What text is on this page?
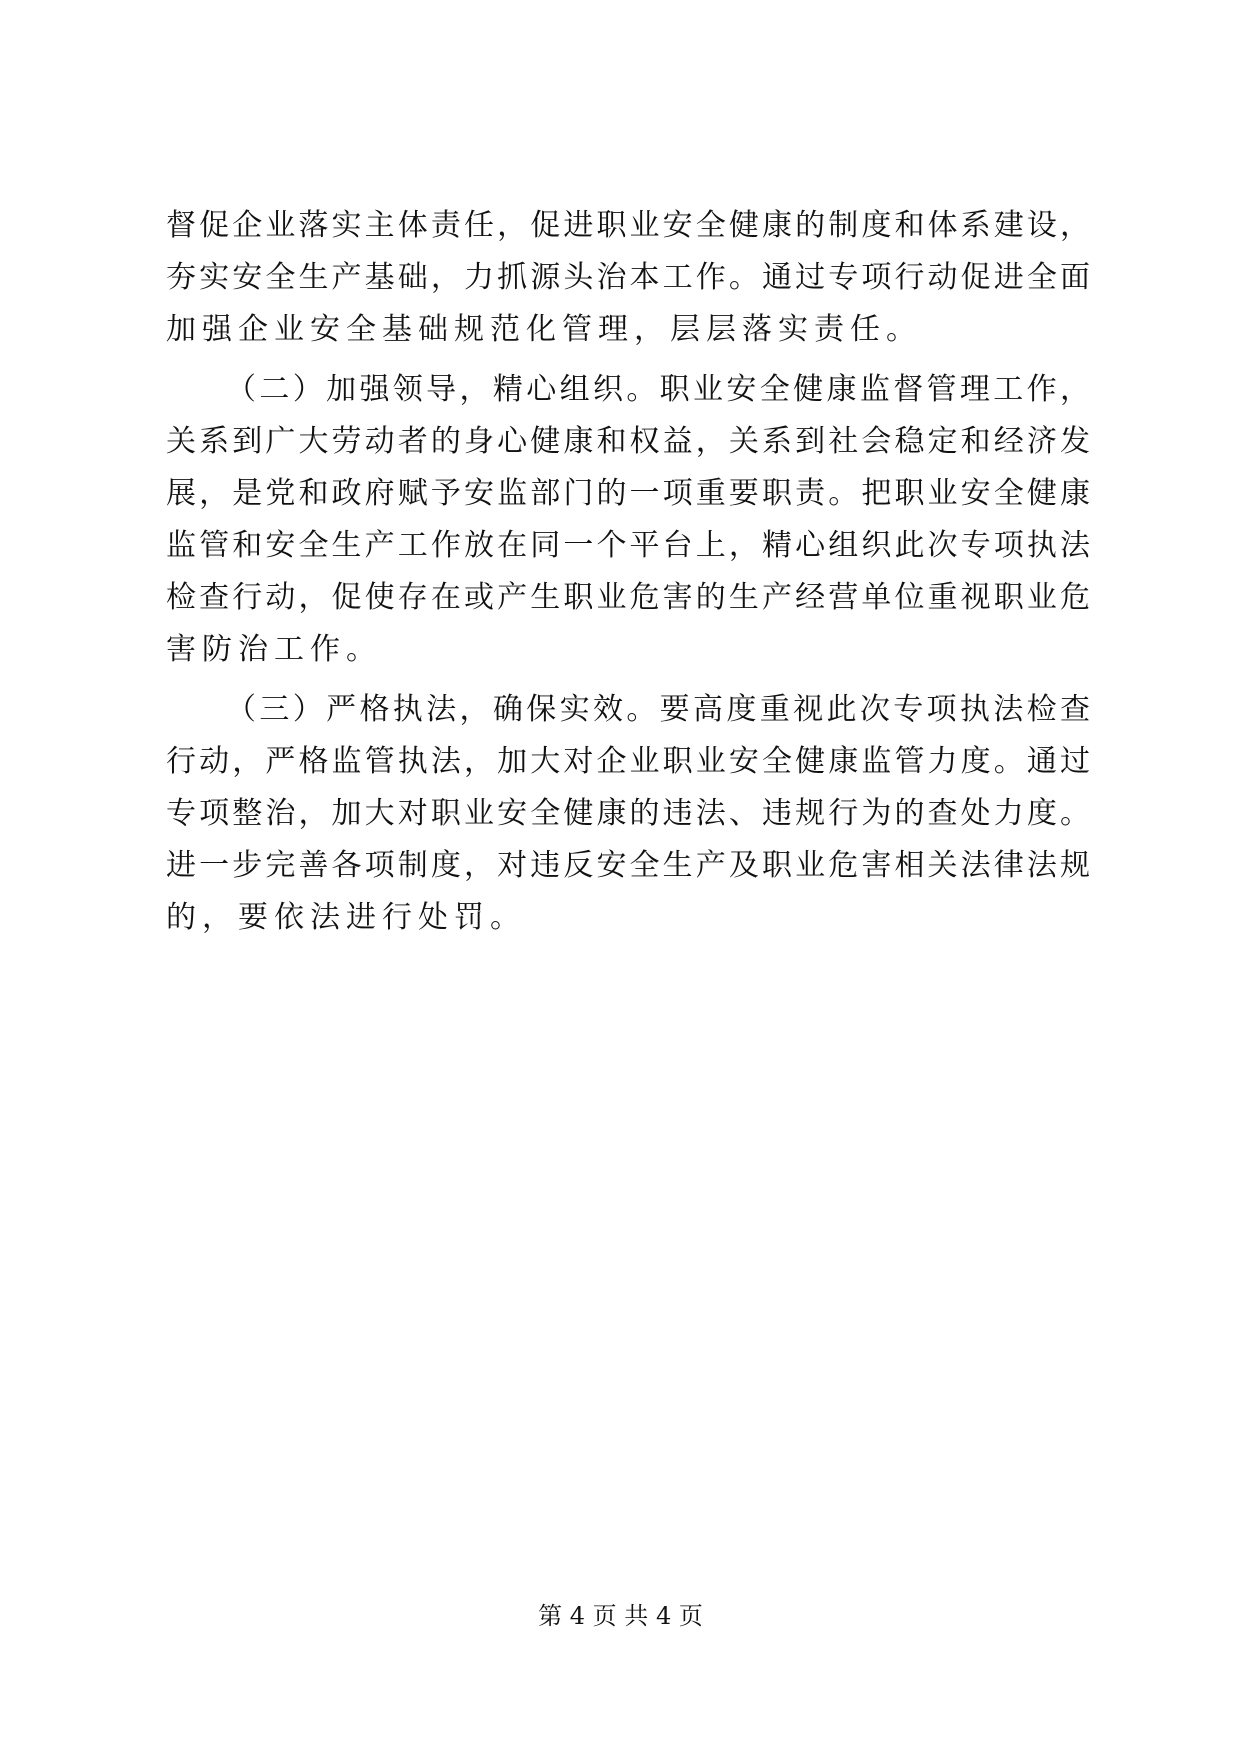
督促企业落实主体责任，促进职业安全健康的制度和体系建设，
夯实安全生产基础，力抓源头治本工作。通过专项行动促进全面
加强企业安全基础规范化管理，层层落实责任。
（二）加强领导，精心组织。职业安全健康监督管理工作，
关系到广大劳动者的身心健康和权益，关系到社会稳定和经济发
展，是党和政府赋予安监部门的一项重要职责。把职业安全健康
监管和安全生产工作放在同一个平台上，精心组织此次专项执法
检查行动，促使存在或产生职业危害的生产经营单位重视职业危
害防治工作。
（三）严格执法，确保实效。要高度重视此次专项执法检查
行动，严格监管执法，加大对企业职业安全健康监管力度。通过
专项整治，加大对职业安全健康的违法、违规行为的查处力度。
进一步完善各项制度，对违反安全生产及职业危害相关法律法规
的，要依法进行处罚。
第 4 页 共 4 页
